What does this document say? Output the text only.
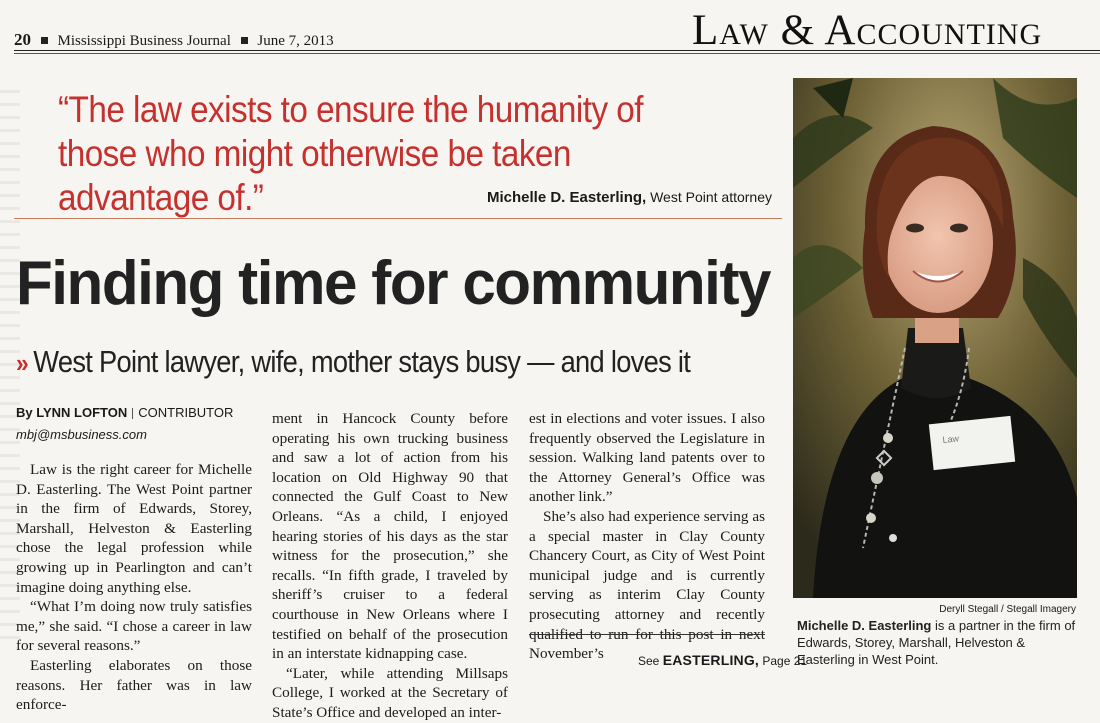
20 Mississippi Business Journal June 7, 2013	Law & Accounting
“The law exists to ensure the humanity of those who might otherwise be taken advantage of.”	Michelle D. Easterling, West Point attorney
Finding time for community
» West Point lawyer, wife, mother stays busy — and loves it
By LYNN LOFTON CONTRIBUTOR
mbj@msbusiness.com

Law is the right career for Michelle D. Easterling. The West Point partner in the firm of Edwards, Storey, Marshall, Helveston & Easterling chose the legal profession while growing up in Pearlington and can’t imagine doing anything else.

“What I’m doing now truly satisfies me,” she said. “I chose a career in law for several reasons.”

Easterling elaborates on those reasons. Her father was in law enforce-

ment in Hancock County before operating his own trucking business and saw a lot of action from his location on Old Highway 90 that connected the Gulf Coast to New Orleans. “As a child, I enjoyed hearing stories of his days as the star witness for the prosecution,” she recalls. “In fifth grade, I traveled by sheriff’s cruiser to a federal courthouse in New Orleans where I testified on behalf of the prosecution in an interstate kidnapping case.

“Later, while attending Millsaps College, I worked at the Secretary of State’s Office and developed an inter-

est in elections and voter issues. I also frequently observed the Legislature in session. Walking land patents over to the Attorney General’s Office was another link.”

She’s also had experience serving as a special master in Clay County Chancery Court, as City of West Point municipal judge and is currently serving as interim Clay County prosecuting attorney and recently qualified to run for this post in next November’s	See EASTERLING, Page 21
Law
Deryll Stegall / Stegall Imagery
Michelle D. Easterling is a partner in the firm of Edwards, Storey, Marshall, Helveston & Easterling in West Point.
